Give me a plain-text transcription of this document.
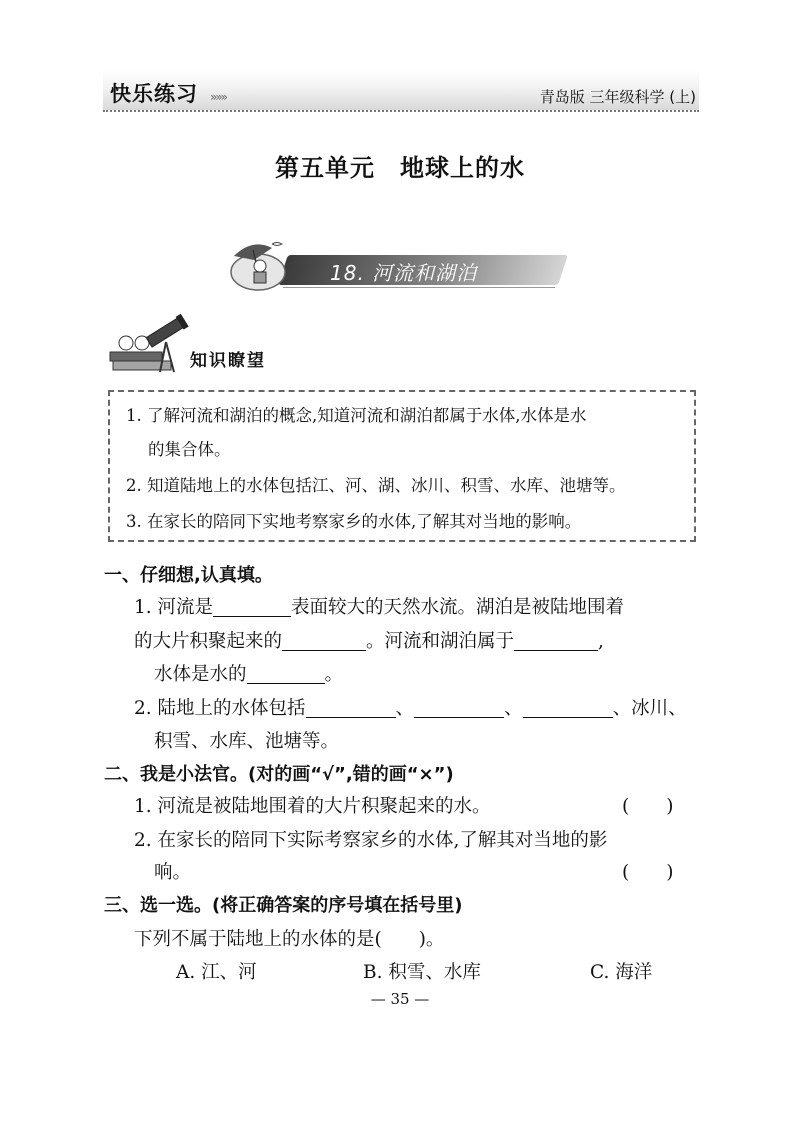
快乐练习 »»»	青岛版 三年级科学 (上)
第五单元　地球上的水
18. 河流和湖泊
知识瞭望
1. 了解河流和湖泊的概念,知道河流和湖泊都属于水体,水体是水
的集合体。
2. 知道陆地上的水体包括江、河、湖、冰川、积雪、水库、池塘等。
3. 在家长的陪同下实地考察家乡的水体,了解其对当地的影响。
一、仔细想,认真填。
1. 河流是	表面较大的天然水流。湖泊是被陆地围着
的大片积聚起来的	。河流和湖泊属于	,
水体是水的	。
2. 陆地上的水体包括	、	、	、冰川、
积雪、水库、池塘等。
二、我是小法官。(对的画“√”,错的画“×”)
1. 河流是被陆地围着的大片积聚起来的水。	(　　)
2. 在家长的陪同下实际考察家乡的水体,了解其对当地的影
响。	(　　)
三、选一选。(将正确答案的序号填在括号里)
下列不属于陆地上的水体的是(　　)。
A. 江、河	B. 积雪、水库	C. 海洋
— 35 —
